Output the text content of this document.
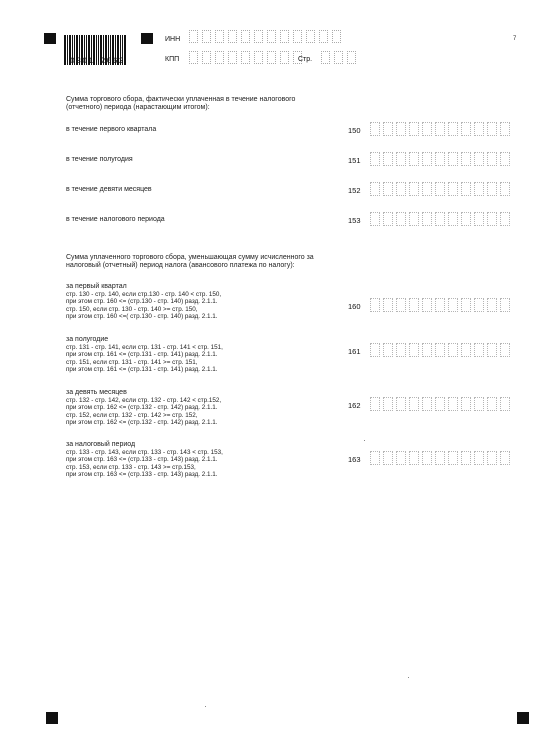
0301 2062
ИНН
КПП	Стр.
7
Сумма торгового сбора, фактически уплаченная в течение налогового (отчетного) периода (нарастающим итогом):
в течение первого квартала	150
в течение полугодия	151
в течение девяти месяцев	152
в течение налогового периода	153
Сумма уплаченного торгового сбора, уменьшающая сумму исчисленного за налоговый (отчетный) период налога (авансового платежа по налогу):
за первый квартал
стр. 130 - стр. 140, если стр.130 - стр. 140 < стр. 150,
при этом стр. 160 <= (стр.130 - стр. 140) разд. 2.1.1.
стр. 150, если стр. 130 - стр. 140 >= стр. 150,
при этом стр. 160 <=( стр.130 - стр. 140) разд. 2.1.1.
160
за полугодие
стр. 131 - стр. 141, если стр. 131 - стр. 141 < стр. 151,
при этом стр. 161 <= (стр.131 - стр. 141) разд. 2.1.1.
стр. 151, если стр. 131 - стр. 141 >= стр. 151,
при этом стр. 161 <= (стр.131 - стр. 141) разд. 2.1.1.
161
за девять месяцев
стр. 132 - стр. 142, если стр. 132 - стр. 142 < стр.152,
при этом стр. 162 <= (стр.132 - стр. 142) разд. 2.1.1.
стр. 152, если стр. 132 - стр. 142 >= стр. 152,
при этом стр. 162 <= (стр.132 - стр. 142) разд. 2.1.1.
162
за налоговый период
стр. 133 - стр. 143, если стр. 133 - стр. 143 < стр. 153,
при этом стр. 163 <= (стр.133 - стр. 143) разд. 2.1.1.
стр. 153, если стр. 133 - стр. 143 >= стр.153,
при этом стр. 163 <= (стр.133 - стр. 143) разд. 2.1.1.
163
